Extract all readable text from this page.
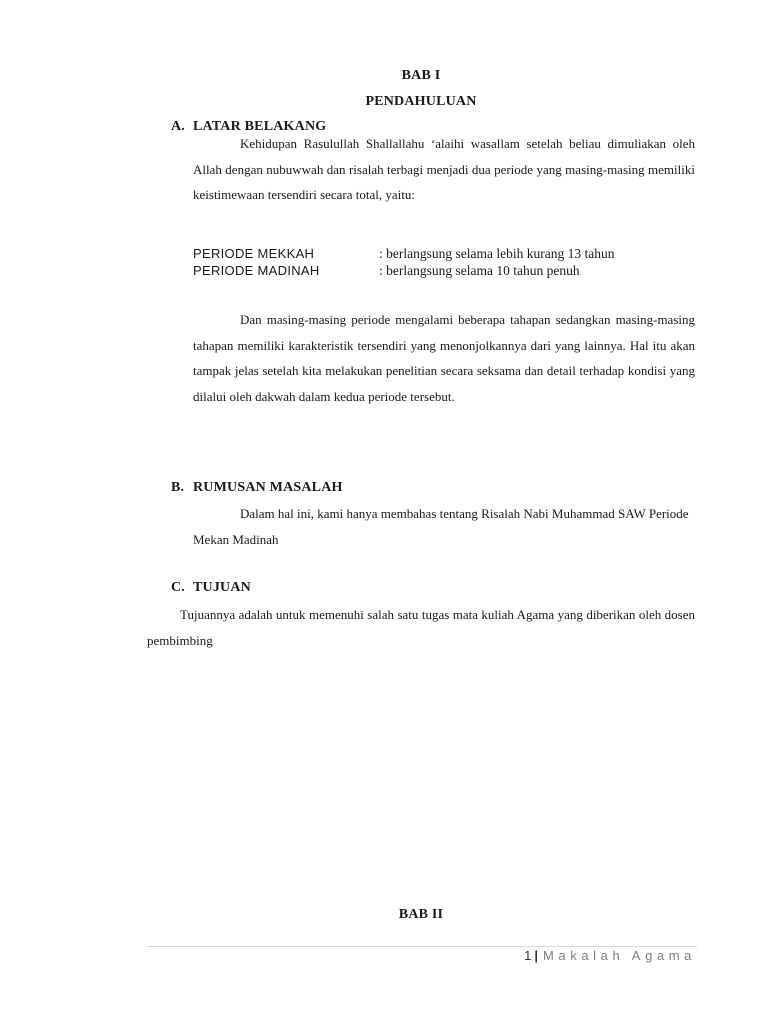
BAB I
PENDAHULUAN
A. LATAR BELAKANG
Kehidupan Rasulullah Shallallahu ‘alaihi wasallam setelah beliau dimuliakan oleh Allah dengan nubuwwah dan risalah terbagi menjadi dua periode yang masing-masing memiliki keistimewaan tersendiri secara total, yaitu:
PERIODE MEKKAH	: berlangsung selama lebih kurang 13 tahun
PERIODE MADINAH	: berlangsung selama 10 tahun penuh
Dan masing-masing periode mengalami beberapa tahapan sedangkan masing-masing tahapan memiliki karakteristik tersendiri yang menonjolkannya dari yang lainnya. Hal itu akan tampak jelas setelah kita melakukan penelitian secara seksama dan detail terhadap kondisi yang dilalui oleh dakwah dalam kedua periode tersebut.
B. RUMUSAN MASALAH
Dalam hal ini, kami hanya membahas tentang Risalah Nabi Muhammad SAW Periode Mekan Madinah
C. TUJUAN
Tujuannya adalah untuk memenuhi salah satu tugas mata kuliah Agama yang diberikan oleh dosen pembimbing
BAB II
1 | Makalah Agama
